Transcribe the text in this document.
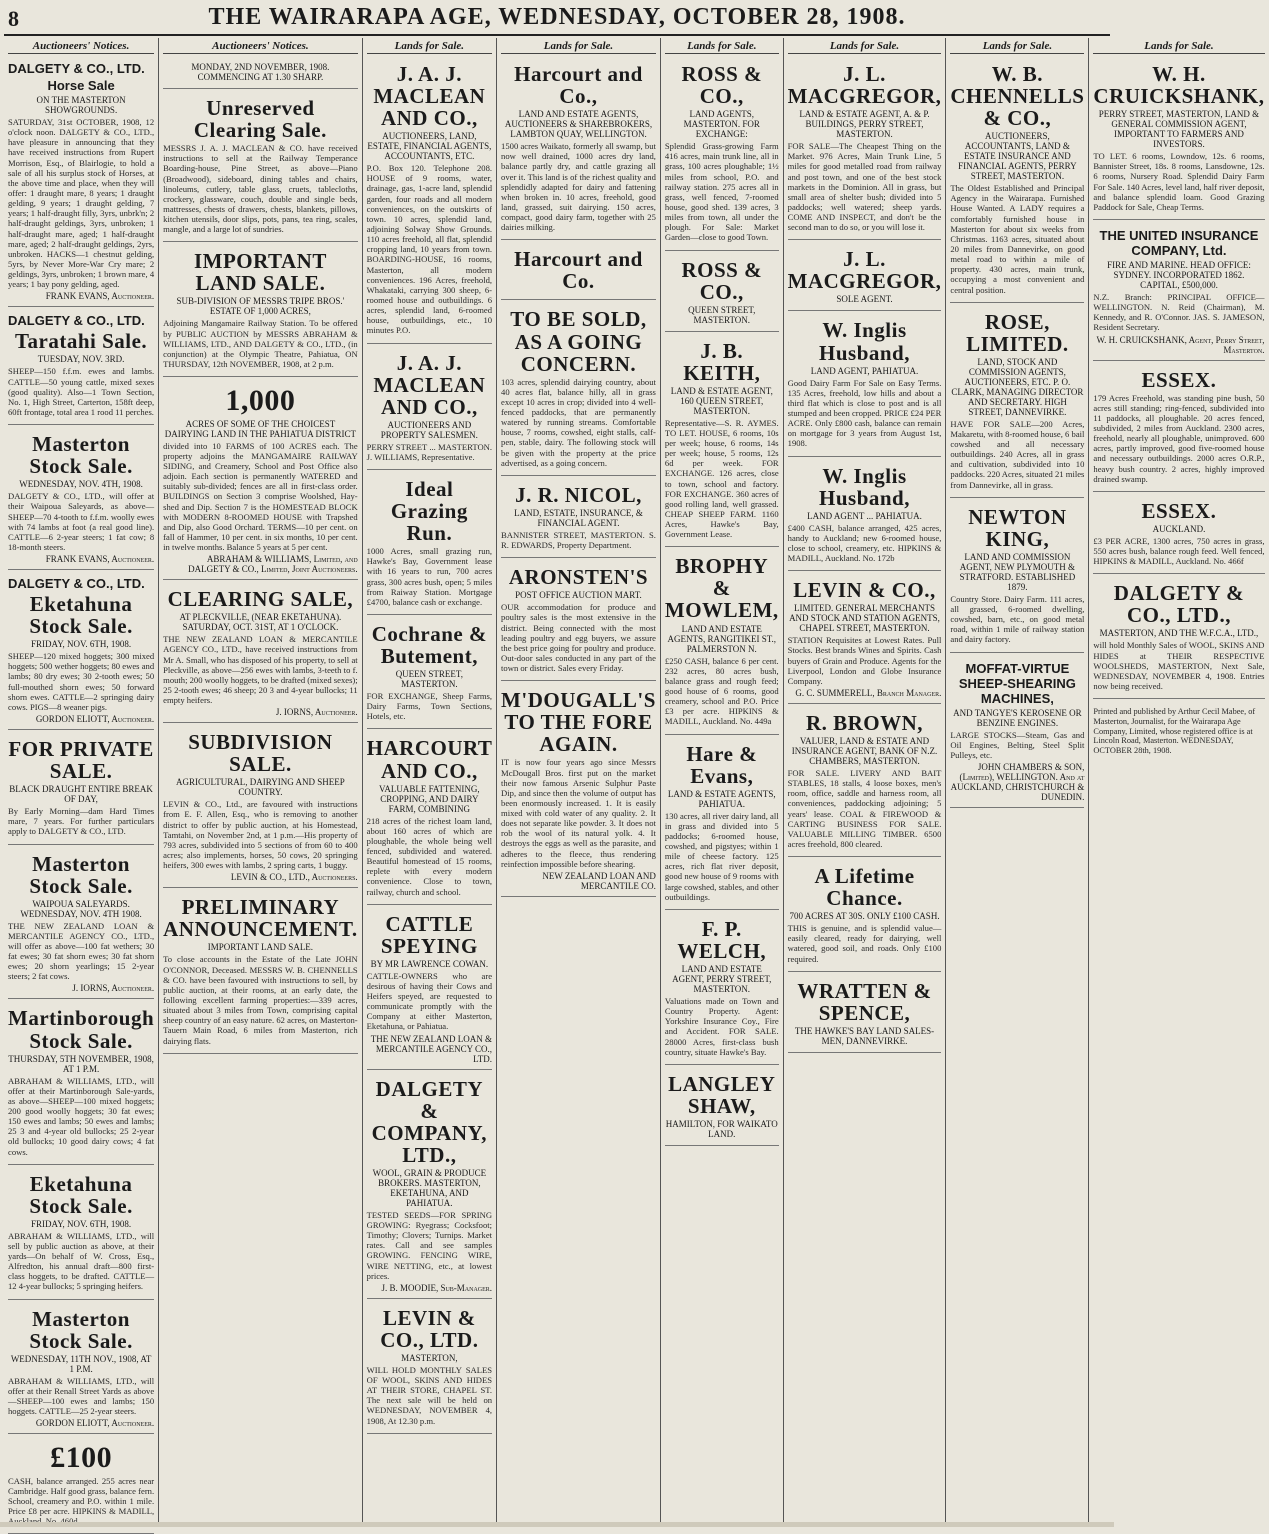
8	THE WAIRARAPA AGE, WEDNESDAY, OCTOBER 28, 1908.
Auctioneers' Notices.
DALGETY & CO., LTD.
Horse Sale
ON THE MASTERTON SHOWGROUNDS.

SATURDAY, 31st OCTOBER, 1908, 12 o'clock noon. DALGETY & CO., LTD., have pleasure in announcing that they have received instructions from Rupert Morrison, Esq., of Blairlogie, to hold a sale of all his surplus stock of Horses, at the above time and place, when they will offer: 1 draught mare, 8 years; 1 draught gelding, 9 years; 1 draught gelding, 7 years; 1 half-draught filly, 3yrs, unbrk'n; 2 half-draught geldings, 3yrs, unbroken; 1 half-draught mare, aged; 1 half-draught mare, aged; 2 half-draught geldings, 2yrs, unbroken. HACKS—1 chestnut gelding, 5yrs, by Never More-War Cry mare; 2 geldings, 3yrs, unbroken; 1 brown mare, 4 years; 1 bay pony gelding, aged.

FRANK EVANS, Auctioneer.
DALGETY & CO., LTD.
Taratahi Sale.
TUESDAY, NOV. 3RD.

SHEEP—150 f.f.m. ewes and lambs. CATTLE—50 young cattle, mixed sexes (good quality). Also—1 Town Section, No. 1, High Street, Carterton, 158ft deep, 60ft frontage, total area 1 rood 11 perches.

Masterton Stock Sale.
WEDNESDAY, NOV. 4TH, 1908.

DALGETY & CO., LTD., will offer at their Waipoua Saleyards, as above—SHEEP—70 4-tooth to f.f.m. woolly ewes with 74 lambs at foot (a real good line). CATTLE—6 2-year steers; 1 fat cow; 8 18-month steers.

FRANK EVANS, Auctioneer.
DALGETY & CO., LTD.
Eketahuna Stock Sale.
FRIDAY, NOV. 6TH, 1908.

SHEEP—120 mixed hoggets; 300 mixed hoggets; 500 wether hoggets; 80 ewes and lambs; 80 dry ewes; 30 2-tooth ewes; 50 full-mouthed shorn ewes; 50 forward shorn ewes. CATTLE—2 springing dairy cows. PIGS—8 weaner pigs.

GORDON ELIOTT, Auctioneer.
FOR PRIVATE SALE.
BLACK DRAUGHT ENTIRE BREAK OF DAY,

By Early Morning—dam Hard Times mare, 7 years. For further particulars apply to DALGETY & CO., LTD.

Masterton Stock Sale.
WAIPOUA SALEYARDS. WEDNESDAY, NOV. 4TH 1908.

THE NEW ZEALAND LOAN & MERCANTILE AGENCY CO., LTD., will offer as above—100 fat wethers; 30 fat ewes; 30 fat shorn ewes; 30 fat shorn ewes; 20 shorn yearlings; 15 2-year steers; 2 fat cows.

J. IORNS, Auctioneer.
Martinborough Stock Sale.
THURSDAY, 5TH NOVEMBER, 1908, AT 1 P.M.

ABRAHAM & WILLIAMS, LTD., will offer at their Martinborough Sale-yards, as above—SHEEP—100 mixed hoggets; 200 good woolly hoggets; 30 fat ewes; 150 ewes and lambs; 50 ewes and lambs; 25 3 and 4-year old bullocks; 25 2-year old bullocks; 10 good dairy cows; 4 fat cows.

Eketahuna Stock Sale.
FRIDAY, NOV. 6TH, 1908.

ABRAHAM & WILLIAMS, LTD., will sell by public auction as above, at their yards—On behalf of W. Cross, Esq., Alfredton, his annual draft—800 first-class hoggets, to be drafted. CATTLE—12 4-year bullocks; 5 springing heifers.

Masterton Stock Sale.
WEDNESDAY, 11TH NOV., 1908, AT 1 P.M.

ABRAHAM & WILLIAMS, LTD., will offer at their Renall Street Yards as above—SHEEP—100 ewes and lambs; 150 hoggets. CATTLE—25 2-year steers.

GORDON ELIOTT, Auctioneer.
£100

CASH, balance arranged. 255 acres near Cambridge. Half good grass, balance fern. School, creamery and P.O. within 1 mile. Price £8 per acre. HIPKINS & MADILL,

Auctioneers' Notices.
MONDAY, 2ND NOVEMBER, 1908. COMMENCING AT 1.30 SHARP.
Unreserved Clearing Sale.

MESSRS J. A. J. MACLEAN & CO. have received instructions to sell at the Railway Temperance Boarding-house, Pine Street, as above—Piano (Broadwood), sideboard, dining tables and chairs, linoleums, cutlery, table glass, cruets, tablecloths, crockery, glassware, couch, double and single beds, mattresses, chests of drawers, chests, blankets, pillows, kitchen utensils, door slips, pots, pans, tea ring, scales, mangle, and a large lot of sundries.

IMPORTANT LAND SALE.
SUB-DIVISION OF MESSRS TRIPE BROS.' ESTATE OF 1,000 ACRES,

Adjoining Mangamaire Railway Station. To be offered by PUBLIC AUCTION by MESSRS ABRAHAM & WILLIAMS, LTD., AND DALGETY & CO., LTD., (in conjunction) at the Olympic Theatre, Pahiatua, ON THURSDAY, 12th NOVEMBER, 1908, at 2 p.m.

1,000
ACRES OF SOME OF THE CHOICEST DAIRYING LAND IN THE PAHIATUA DISTRICT

divided into 10 FARMS of 100 ACRES each. The property adjoins the MANGAMAIRE RAILWAY SIDING, and Creamery, School and Post Office also adjoin. Each section is permanently WATERED and suitably sub-divided; fences are all in first-class order. BUILDINGS on Section 3 comprise Woolshed, Hay-shed and Dip. Section 7 is the HOMESTEAD BLOCK with MODERN 8-ROOMED HOUSE with Trapshed and Dip, also Good Orchard. TERMS—10 per cent. on fall of Hammer, 10 per cent. in six months, 10 per cent. in twelve months. Balance 5 years at 5 per cent.

ABRAHAM & WILLIAMS, Limited, and DALGETY & CO., Limited, Joint Auctioneers.
CLEARING SALE,
AT PLECKVILLE, (NEAR EKETAHUNA). SATURDAY, OCT. 31ST, AT 1 O'CLOCK.

THE NEW ZEALAND LOAN & MERCANTILE AGENCY CO., LTD., have received instructions from Mr A. Small, who has disposed of his property, to sell at Pleckville, as above—256 ewes with lambs, 3-teeth to f. mouth; 200 woolly hoggets, to be drafted (mixed sexes); 25 2-tooth ewes; 46 sheep; 20 3 and 4-year bullocks; 11 empty heifers.

J. IORNS, Auctioneer.
SUBDIVISION SALE.
AGRICULTURAL, DAIRYING AND SHEEP COUNTRY.

LEVIN & CO., Ltd., are favoured with instructions from E. F. Allen, Esq., who is removing to another district to offer by public auction, at his Homestead, Tamtahi, on November 2nd, at 1 p.m.—His property of 793 acres, subdivided into 5 sections of from 60 to 400 acres; also implements, horses, 50 cows, 20 springing heifers, 300 ewes with lambs, 2 spring carts, 1 buggy.

LEVIN & CO., LTD., Auctioneers.
PRELIMINARY ANNOUNCEMENT.
IMPORTANT LAND SALE.

To close accounts in the Estate of the Late JOHN O'CONNOR, Deceased. MESSRS W. B. CHENNELLS & CO. have been favoured with instructions to sell, by public auction, at their rooms, at an early date, the following excellent farming properties:—339 acres, situated about 3 miles from Town, comprising capital sheep country of an easy nature. 62 acres, on Masterton-Tauern Main Road, 6 miles from Masterton, rich dairying flats.

Lands for Sale.
J. A. J. MACLEAN AND CO.,
AUCTIONEERS, LAND, ESTATE, FINANCIAL AGENTS, ACCOUNTANTS, ETC.

P.O. Box 120. Telephone 208. HOUSE of 9 rooms, water, drainage, gas, 1-acre land, splendid garden, four roads and all modern conveniences, on the outskirts of town. 10 acres, splendid land, adjoining Solway Show Grounds. 110 acres freehold, all flat, splendid cropping land, 10 years from town. BOARDING-HOUSE, 16 rooms, Masterton, all modern conveniences. 196 Acres, freehold, Whakataki, carrying 300 sheep, 6-roomed house and outbuildings. 6 acres, splendid land, 6-roomed house, outbuildings, etc., 10 minutes P.O.

J. A. J. MACLEAN AND CO.,
AUCTIONEERS AND PROPERTY SALESMEN.

PERRY STREET ... MASTERTON. J. WILLIAMS, Representative.

Ideal Grazing Run.

1000 Acres, small grazing run, Hawke's Bay, Government lease with 16 years to run, 700 acres grass, 300 acres bush, open; 5 miles from Raiway Station. Mortgage £4700, balance cash or exchange.

Cochrane & Butement,
QUEEN STREET, MASTERTON.

FOR EXCHANGE, Sheep Farms, Dairy Farms, Town Sections, Hotels, etc.

HARCOURT AND CO.,
VALUABLE FATTENING, CROPPING, AND DAIRY FARM, COMBINING

218 acres of the richest loam land, about 160 acres of which are ploughable, the whole being well fenced, subdivided and watered. Beautiful homestead of 15 rooms, replete with every modern convenience. Close to town, railway, church and school.

CATTLE SPEYING
BY MR LAWRENCE COWAN.

CATTLE-OWNERS who are desirous of having their Cows and Heifers speyed, are requested to communicate promptly with the Company at either Masterton, Eketahuna, or Pahiatua.

THE NEW ZEALAND LOAN & MERCANTILE AGENCY CO., LTD.
DALGETY & COMPANY, LTD.,
WOOL, GRAIN & PRODUCE BROKERS. MASTERTON, EKETAHUNA, AND PAHIATUA.

TESTED SEEDS—FOR SPRING GROWING: Ryegrass; Cocksfoot; Timothy; Clovers; Turnips. Market rates. Call and see samples GROWING. FENCING WIRE, WIRE NETTING, etc., at lowest prices.

J. B. MOODIE, Sub-Manager.
LEVIN & CO., LTD.
MASTERTON,

WILL HOLD MONTHLY SALES OF WOOL, SKINS AND HIDES AT THEIR STORE, CHAPEL ST. The next sale will be held on WEDNESDAY, NOVEMBER 4, 1908, At 12.30 p.m.

Lands for Sale.
Harcourt and Co.,
LAND AND ESTATE AGENTS, AUCTIONEERS & SHAREBROKERS, LAMBTON QUAY, WELLINGTON.

1500 acres Waikato, formerly all swamp, but now well drained, 1000 acres dry land, balance partly dry, and cattle grazing all over it. This land is of the richest quality and splendidly adapted for dairy and fattening when broken in. 10 acres, freehold, good land, grassed, suit dairying. 150 acres, compact, good dairy farm, together with 25 dairies milking.

Harcourt and Co.
TO BE SOLD, AS A GOING CONCERN.

103 acres, splendid dairying country, about 40 acres flat, balance hilly, all in grass except 10 acres in crop; divided into 4 well-fenced paddocks, that are permanently watered by running streams. Comfortable house, 7 rooms, cowshed, eight stalls, calf-pen, stable, dairy. The following stock will be given with the property at the price advertised, as a going concern.

J. R. NICOL,
LAND, ESTATE, INSURANCE, & FINANCIAL AGENT.

BANNISTER STREET, MASTERTON. S. R. EDWARDS, Property Department.

ARONSTEN'S
POST OFFICE AUCTION MART.

OUR accommodation for produce and poultry sales is the most extensive in the district. Being connected with the most leading poultry and egg buyers, we assure the best price going for poultry and produce. Out-door sales conducted in any part of the town or district. Sales every Friday.

M'DOUGALL'S TO THE FORE AGAIN.

IT is now four years ago since Messrs McDougall Bros. first put on the market their now famous Arsenic Sulphur Paste Dip, and since then the volume of output has been enormously increased. 1. It is easily mixed with cold water of any quality. 2. It does not separate like powder. 3. It does not rob the wool of its natural yolk. 4. It destroys the eggs as well as the parasite, and adheres to the fleece, thus rendering reinfection impossible before shearing.

NEW ZEALAND LOAN AND MERCANTILE CO.
Lands for Sale.
ROSS & CO.,
LAND AGENTS, MASTERTON. FOR EXCHANGE:

Splendid Grass-growing Farm 416 acres, main trunk line, all in grass, 100 acres ploughable; 1½ miles from school, P.O. and railway station. 275 acres all in grass, well fenced, 7-roomed house, good shed. 139 acres, 3 miles from town, all under the plough. For Sale: Market Garden—close to good Town.

ROSS & CO.,
QUEEN STREET, MASTERTON.
J. B. KEITH,
LAND & ESTATE AGENT, 160 QUEEN STREET, MASTERTON.

Representative—S. R. AYMES. TO LET. HOUSE, 6 rooms, 10s per week; house, 6 rooms, 14s per week; house, 5 rooms, 12s 6d per week. FOR EXCHANGE. 126 acres, close to town, school and factory. FOR EXCHANGE. 360 acres of good rolling land, well grassed. CHEAP SHEEP FARM. 1160 Acres, Hawke's Bay, Government Lease.

BROPHY & MOWLEM,
LAND AND ESTATE AGENTS, RANGITIKEI ST., PALMERSTON N.

£250 CASH, balance 6 per cent. 232 acres, 80 acres bush, balance grass and rough feed; good house of 6 rooms, good creamery, school and P.O. Price £3 per acre. HIPKINS & MADILL, Auckland. No. 449a

Hare & Evans,
LAND & ESTATE AGENTS, PAHIATUA.

130 acres, all river dairy land, all in grass and divided into 5 paddocks; 6-roomed house, cowshed, and pigstyes; within 1 mile of cheese factory. 125 acres, rich flat river deposit, good new house of 9 rooms with large cowshed, stables, and other outbuildings.

F. P. WELCH,
LAND AND ESTATE AGENT, PERRY STREET, MASTERTON.

Valuations made on Town and Country Property. Agent: Yorkshire Insurance Coy., Fire and Accident. FOR SALE. 28000 Acres, first-class bush country, situate Hawke's Bay.

LANGLEY SHAW,
HAMILTON, FOR WAIKATO LAND.
Lands for Sale.
J. L. MACGREGOR,
LAND & ESTATE AGENT, A. & P. BUILDINGS, PERRY STREET, MASTERTON.

FOR SALE—The Cheapest Thing on the Market. 976 Acres, Main Trunk Line, 5 miles for good metalled road from railway and post town, and one of the best stock markets in the Dominion. All in grass, but small area of shelter bush; divided into 5 paddocks; well watered; sheep yards. COME AND INSPECT, and don't be the second man to do so, or you will lose it.

J. L. MACGREGOR,
SOLE AGENT.
W. Inglis Husband,
LAND AGENT, PAHIATUA.

Good Dairy Farm For Sale on Easy Terms. 135 Acres, freehold, low hills and about a third flat which is close to post and is all stumped and been cropped. PRICE £24 PER ACRE. Only £800 cash, balance can remain on mortgage for 3 years from August 1st, 1908.

W. Inglis Husband,
LAND AGENT ... PAHIATUA.

£400 CASH, balance arranged, 425 acres, handy to Auckland; new 6-roomed house, close to school, creamery, etc. HIPKINS & MADILL, Auckland. No. 172b

LEVIN & CO.,
LIMITED. GENERAL MERCHANTS AND STOCK AND STATION AGENTS, CHAPEL STREET, MASTERTON.

STATION Requisites at Lowest Rates. Pull Stocks. Best brands Wines and Spirits. Cash buyers of Grain and Produce. Agents for the Liverpool, London and Globe Insurance Company.

G. C. SUMMERELL, Branch Manager.
R. BROWN,
VALUER, LAND & ESTATE AND INSURANCE AGENT, BANK OF N.Z. CHAMBERS, MASTERTON.

FOR SALE. LIVERY AND BAIT STABLES, 18 stalls, 4 loose boxes, men's room, office, saddle and harness room, all conveniences, paddocking adjoining; 5 years' lease. COAL & FIREWOOD & CARTING BUSINESS FOR SALE. VALUABLE MILLING TIMBER. 6500 acres freehold, 800 cleared.

A Lifetime Chance.
700 ACRES AT 30S. ONLY £100 CASH.

THIS is genuine, and is splendid value—easily cleared, ready for dairying, well watered, good soil, and roads. Only £100 required.

WRATTEN & SPENCE,
THE HAWKE'S BAY LAND SALES-MEN, DANNEVIRKE.
Lands for Sale.
W. B. CHENNELLS & CO.,
AUCTIONEERS, ACCOUNTANTS, LAND & ESTATE INSURANCE AND FINANCIAL AGENTS, PERRY STREET, MASTERTON.

The Oldest Established and Principal Agency in the Wairarapa. Furnished House Wanted. A LADY requires a comfortably furnished house in Masterton for about six weeks from Christmas. 1163 acres, situated about 20 miles from Dannevirke, on good metal road to within a mile of property. 430 acres, main trunk, occupying a most convenient and central position.

ROSE, LIMITED.
LAND, STOCK AND COMMISSION AGENTS, AUCTIONEERS, ETC. P. O. CLARK, MANAGING DIRECTOR AND SECRETARY. HIGH STREET, DANNEVIRKE.

HAVE FOR SALE—200 Acres, Makaretu, with 8-roomed house, 6 bail cowshed and all necessary outbuildings. 240 Acres, all in grass and cultivation, subdivided into 10 paddocks. 220 Acres, situated 21 miles from Dannevirke, all in grass.

NEWTON KING,
LAND AND COMMISSION AGENT, NEW PLYMOUTH & STRATFORD. ESTABLISHED 1879.

Country Store. Dairy Farm. 111 acres, all grassed, 6-roomed dwelling, cowshed, barn, etc., on good metal road, within 1 mile of railway station and dairy factory.

MOFFAT-VIRTUE SHEEP-SHEARING MACHINES,
AND TANGYE'S KEROSENE OR BENZINE ENGINES.

LARGE STOCKS—Steam, Gas and Oil Engines, Belting, Steel Split Pulleys, etc.

JOHN CHAMBERS & SON, (Limited), WELLINGTON. And at AUCKLAND, CHRISTCHURCH & DUNEDIN.
Lands for Sale.
W. H. CRUICKSHANK,
PERRY STREET, MASTERTON, LAND & GENERAL COMMISSION AGENT, IMPORTANT TO FARMERS AND INVESTORS.

TO LET. 6 rooms, Lowndow, 12s. 6 rooms, Bannister Street, 18s. 8 rooms, Lansdowne, 12s. 6 rooms, Nursery Road. Splendid Dairy Farm For Sale. 140 Acres, level land, half river deposit, and balance splendid loam. Good Grazing Paddock for Sale, Cheap Terms.

THE UNITED INSURANCE COMPANY, Ltd.
FIRE AND MARINE. HEAD OFFICE: SYDNEY. INCORPORATED 1862. CAPITAL, £500,000.

N.Z. Branch: PRINCIPAL OFFICE—WELLINGTON. N. Reid (Chairman), M. Kennedy, and R. O'Connor. JAS. S. JAMESON, Resident Secretary.

W. H. CRUICKSHANK, Agent, Perry Street, Masterton.
ESSEX.

179 Acres Freehold, was standing pine bush, 50 acres still standing; ring-fenced, subdivided into 11 paddocks, all ploughable. 20 acres fenced, subdivided, 2 miles from Auckland. 2300 acres, freehold, nearly all ploughable, unimproved. 600 acres, partly improved, good five-roomed house and necessary outbuildings. 2000 acres O.R.P., heavy bush country. 2 acres, highly improved drained swamp.

ESSEX.
AUCKLAND.

£3 PER ACRE, 1300 acres, 750 acres in grass, 550 acres bush, balance rough feed. Well fenced, HIPKINS & MADILL, Auckland. No. 466f

DALGETY & CO., LTD.,
MASTERTON, AND THE W.F.C.A., LTD.,

will hold Monthly Sales of WOOL, SKINS AND HIDES at THEIR RESPECTIVE WOOLSHEDS, MASTERTON, Next Sale, WEDNESDAY, NOVEMBER 4, 1908. Entries now being received.

Printed and published by Arthur Cecil Mabee, of Masterton, Journalist, for the Wairarapa Age Company, Limited, whose registered office is at Lincoln Road, Masterton. WEDNESDAY, OCTOBER 28th, 1908.
